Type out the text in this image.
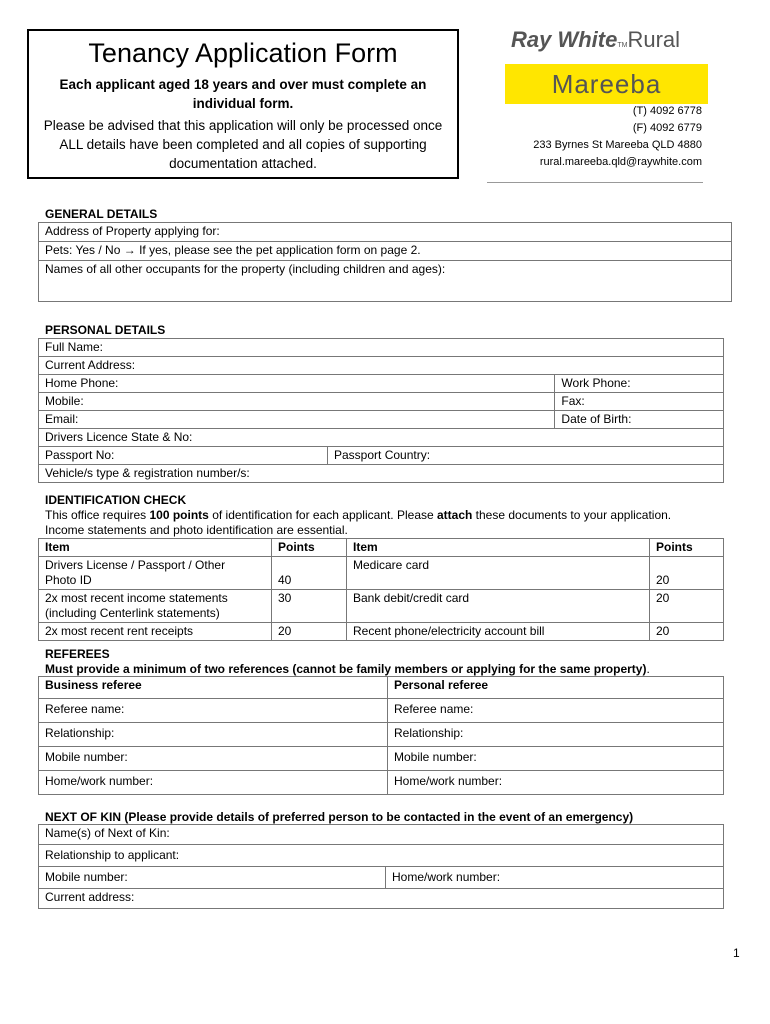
Tenancy Application Form
Each applicant aged 18 years and over must complete an individual form.
Please be advised that this application will only be processed once ALL details have been completed and all copies of supporting documentation attached.
Ray WhiteTMRural
Mareeba
(T) 4092 6778
(F) 4092 6779
233 Byrnes St Mareeba QLD 4880
rural.mareeba.qld@raywhite.com
GENERAL DETAILS
Address of Property applying for:
Pets: Yes / No → If yes, please see the pet application form on page 2.
Names of all other occupants for the property (including children and ages):
PERSONAL DETAILS
Full Name:		
Current Address:		
Home Phone:		Work Phone:
Mobile:		Fax:
Email:		Date of Birth:
Drivers Licence State & No:		
Passport No:	Passport Country:	
Vehicle/s type & registration number/s:		
IDENTIFICATION CHECK
This office requires 100 points of identification for each applicant. Please attach these documents to your application.
Income statements and photo identification are essential.
Item	Points	Item	Points

Drivers License / Passport / Other
Photo ID	40	Medicare card	20

2x most recent income statements
(including Centerlink statements)	30	Bank debit/credit card	20
2x most recent rent receipts	20	Recent phone/electricity account bill	20
REFEREES
Must provide a minimum of two references (cannot be family members or applying for the same property).
Business referee	Personal referee
Referee name:	Referee name:
Relationship:	Relationship:
Mobile number:	Mobile number:
Home/work number:	Home/work number:
NEXT OF KIN (Please provide details of preferred person to be contacted in the event of an emergency)
Name(s) of Next of Kin:
Relationship to applicant:
Mobile number:	Home/work number:
Current address:
1
